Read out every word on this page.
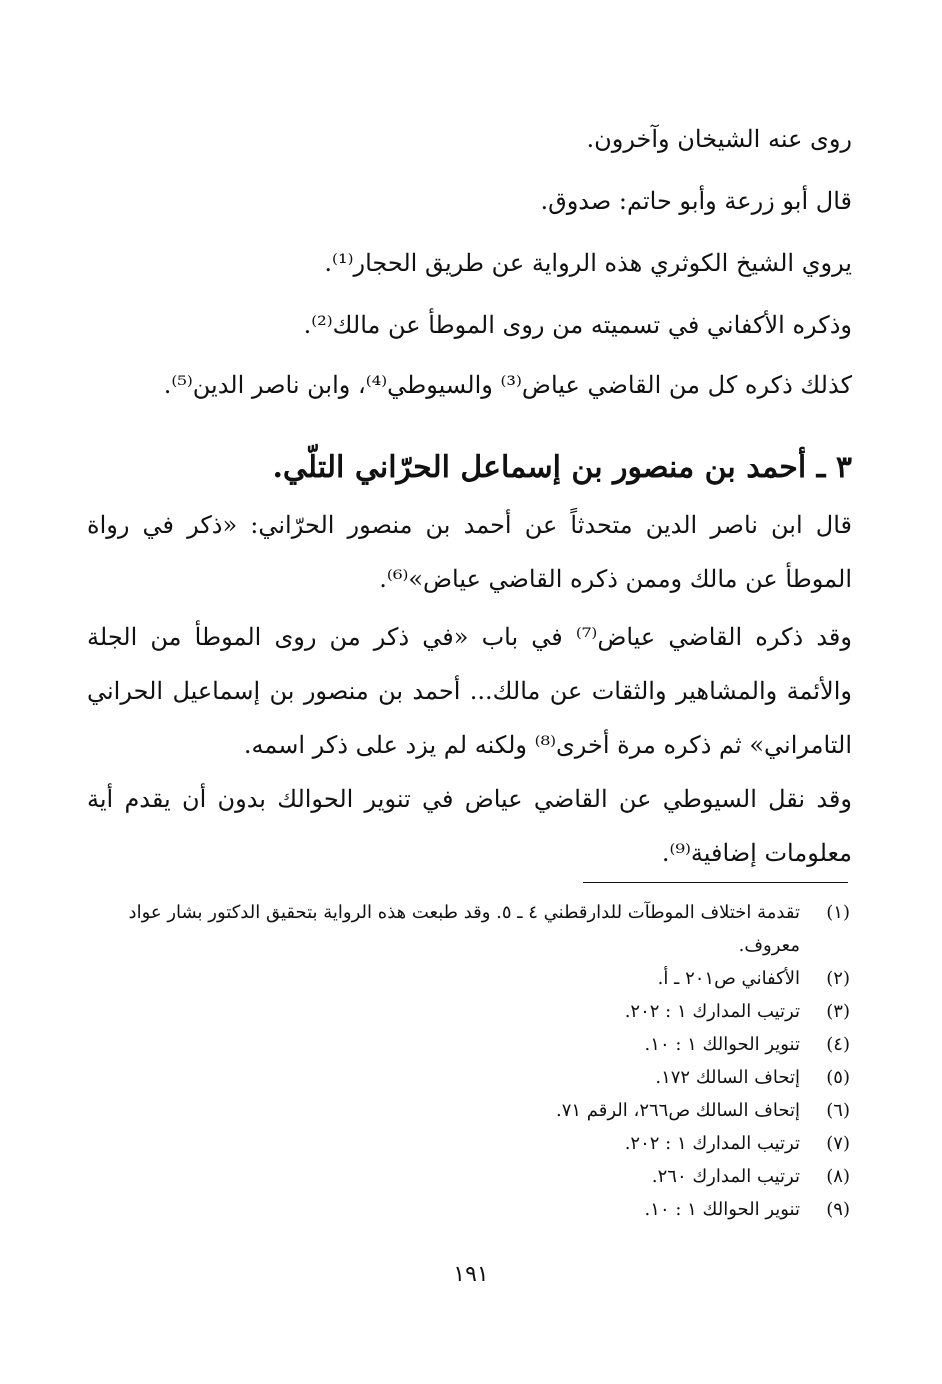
روى عنه الشيخان وآخرون.
قال أبو زرعة وأبو حاتم: صدوق.
يروي الشيخ الكوثري هذه الرواية عن طريق الحجار⁽¹⁾.
وذكره الأكفاني في تسميته من روى الموطأ عن مالك⁽²⁾.
كذلك ذكره كل من القاضي عياض⁽³⁾ والسيوطي⁽⁴⁾، وابن ناصر الدين⁽⁵⁾.
٣ ـ أحمد بن منصور بن إسماعل الحرّاني التلّي.
قال ابن ناصر الدين متحدثاً عن أحمد بن منصور الحرّاني: «ذكر في رواة الموطأ عن مالك وممن ذكره القاضي عياض»⁽⁶⁾.
وقد ذكره القاضي عياض⁽⁷⁾ في باب «في ذكر من روى الموطأ من الجلة والأئمة والمشاهير والثقات عن مالك... أحمد بن منصور بن إسماعيل الحراني التامراني» ثم ذكره مرة أخرى⁽⁸⁾ ولكنه لم يزد على ذكر اسمه.
وقد نقل السيوطي عن القاضي عياض في تنوير الحوالك بدون أن يقدم أية معلومات إضافية⁽⁹⁾.
(١)
تقدمة اختلاف الموطآت للدارقطني ٤ ـ ٥. وقد طبعت هذه الرواية بتحقيق الدكتور بشار عواد معروف.
(٢)
الأكفاني ص٢٠١ ـ أ.
(٣)
ترتيب المدارك ١ : ٢٠٢.
(٤)
تنوير الحوالك ١ : ١٠.
(٥)
إتحاف السالك ١٧٢.
(٦)
إتحاف السالك ص٢٦٦، الرقم ٧١.
(٧)
ترتيب المدارك ١ : ٢٠٢.
(٨)
ترتيب المدارك ٢٦٠.
(٩)
تنوير الحوالك ١ : ١٠.
١٩١
